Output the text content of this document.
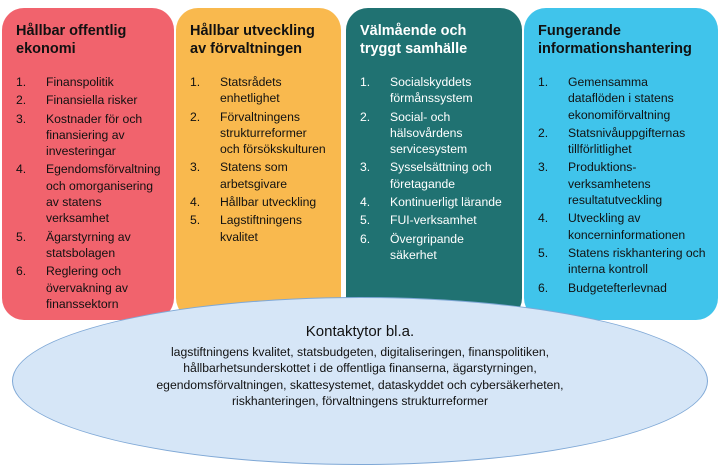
Hållbar offentlig ekonomi
1. Finanspolitik
2. Finansiella risker
3. Kostnader för och finansiering av investeringar
4. Egendomsförvaltning och omorganisering av statens verksamhet
5. Ägarstyrning av statsbolagen
6. Reglering och övervakning av finanssektorn
Hållbar utveckling av förvaltningen
1. Statsrådets enhetlighet
2. Förvaltningens strukturreformer och försökskulturen
3. Statens som arbetsgivare
4. Hållbar utveckling
5. Lagstiftningens kvalitet
Välmående och tryggt samhälle
1. Socialskyddets förmånssystem
2. Social- och hälsovårdens servicesystem
3. Sysselsättning och företagande
4. Kontinuerligt lärande
5. FUI-verksamhet
6. Övergripande säkerhet
Fungerande informationshantering
1. Gemensamma dataflöden i statens ekonomiförvaltning
2. Statsnivåuppgifternas tillförlitlighet
3. Produktions-verksamhetens resultatutveckling
4. Utveckling av koncerninformationen
5. Statens riskhantering och interna kontroll
6. Budgetefterlevnad
Kontaktytor bl.a.
lagstiftningens kvalitet, statsbudgeten, digitaliseringen, finanspolitiken, hållbarhetsunderskottet i de offentliga finanserna, ägarstyrningen, egendomsförvaltningen, skattesystemet, dataskyddet och cybersäkerheten, riskhanteringen, förvaltningens strukturreformer
